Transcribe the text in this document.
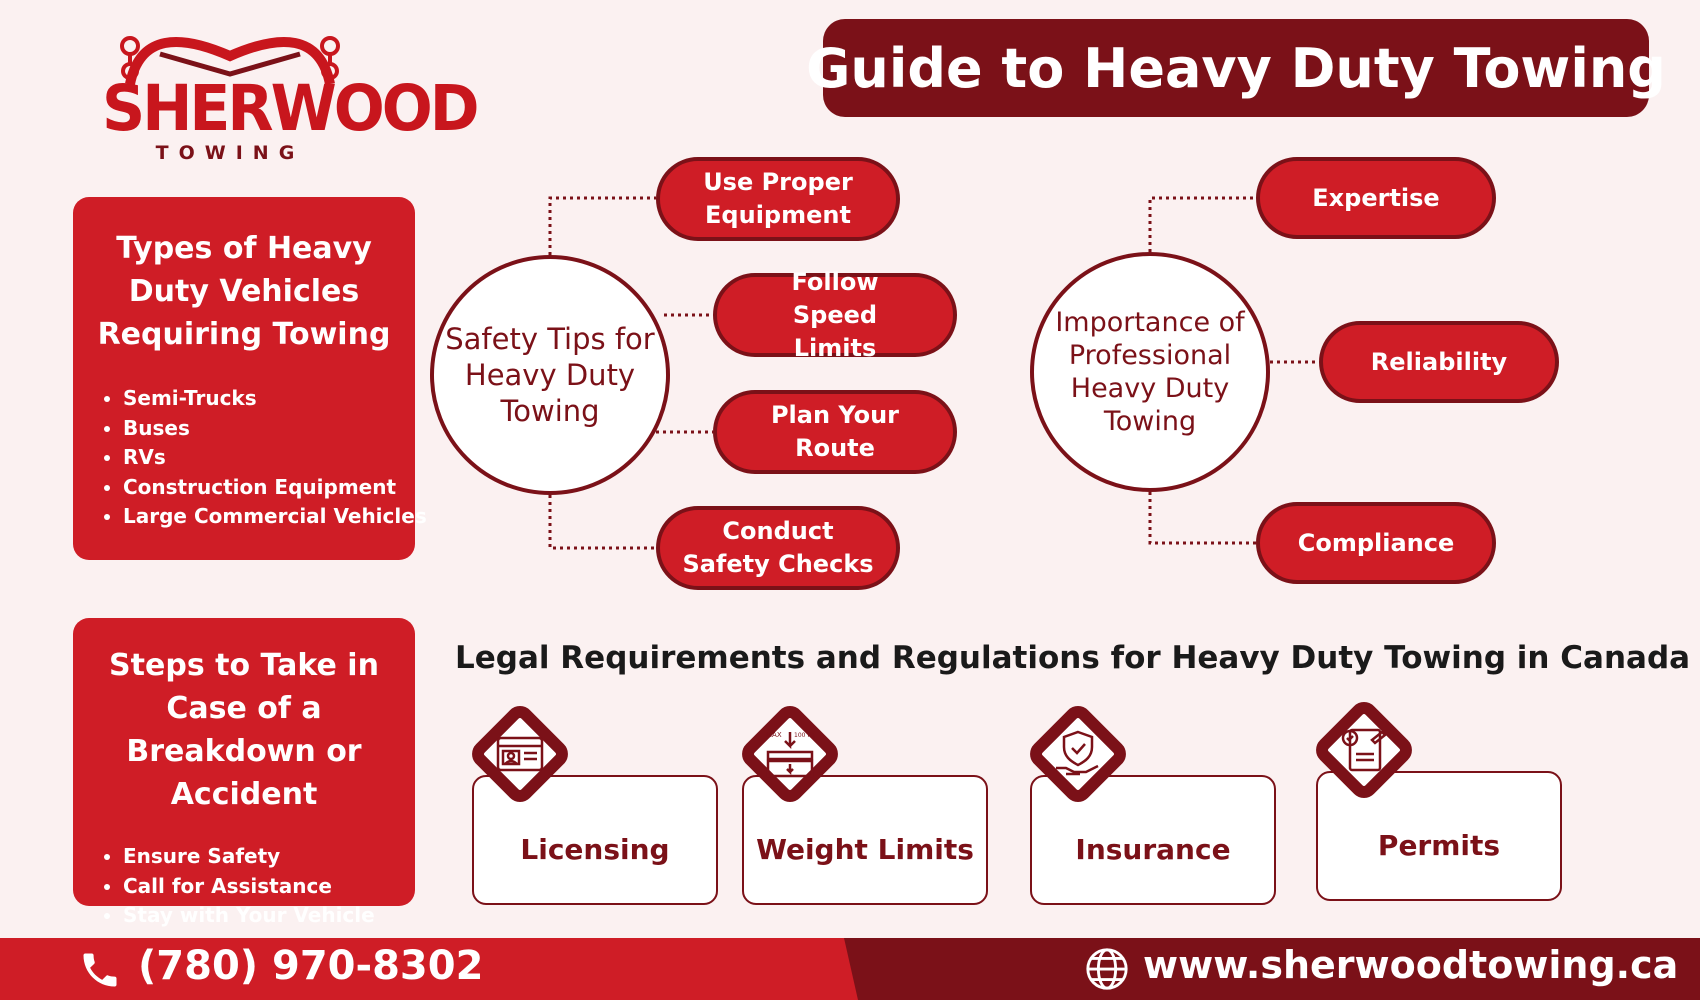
SHERWOOD
TOWING
Guide to Heavy Duty Towing
Types of Heavy Duty Vehicles Requiring Towing
• Semi-Trucks
• Buses
• RVs
• Construction Equipment
• Large Commercial Vehicles
Steps to Take in Case of a Breakdown or Accident
• Ensure Safety
• Call for Assistance
• Stay with Your Vehicle
Safety Tips for Heavy Duty Towing
Use Proper Equipment
Follow Speed Limits
Plan Your Route
Conduct Safety Checks
Importance of Professional Heavy Duty Towing
Expertise
Reliability
Compliance
Legal Requirements and Regulations for Heavy Duty Towing in Canada
Licensing	Weight Limits	Insurance	Permits
MAX 100 Kg
(780) 970-8302	www.sherwoodtowing.ca
